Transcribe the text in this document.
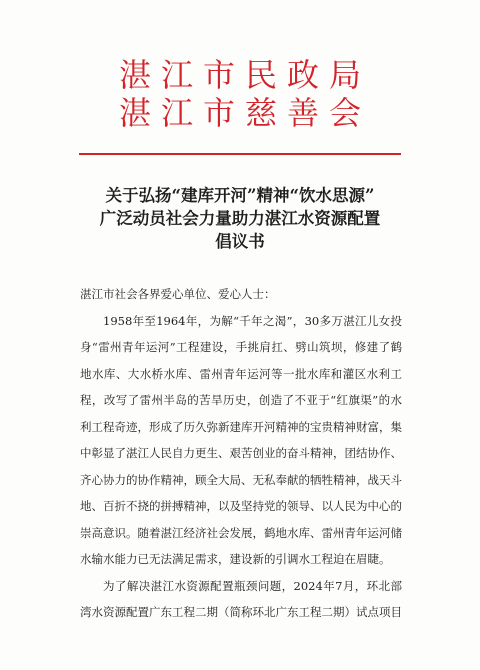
湛江市民政局
湛江市慈善会
关于弘扬“建库开河”精神“饮水思源”
广泛动员社会力量助力湛江水资源配置
倡议书

湛江市社会各界爱心单位、爱心人士：

1958年至1964年，为解“千年之渴”，30多万湛江儿女投身“雷州青年运河”工程建设，手挑肩扛、劈山筑坝，修建了鹤地水库、大水桥水库、雷州青年运河等一批水库和灌区水利工程，改写了雷州半岛的苦旱历史，创造了不亚于“红旗渠”的水利工程奇迹，形成了历久弥新建库开河精神的宝贵精神财富，集中彰显了湛江人民自力更生、艰苦创业的奋斗精神，团结协作、齐心协力的协作精神，顾全大局、无私奉献的牺牲精神，战天斗地、百折不挠的拼搏精神，以及坚持党的领导、以人民为中心的崇高意识。随着湛江经济社会发展，鹤地水库、雷州青年运河储水输水能力已无法满足需求，建设新的引调水工程迫在眉睫。

为了解决湛江水资源配置瓶颈问题，2024年7月，环北部湾水资源配置广东工程二期（简称环北广东工程二期）试点项目
